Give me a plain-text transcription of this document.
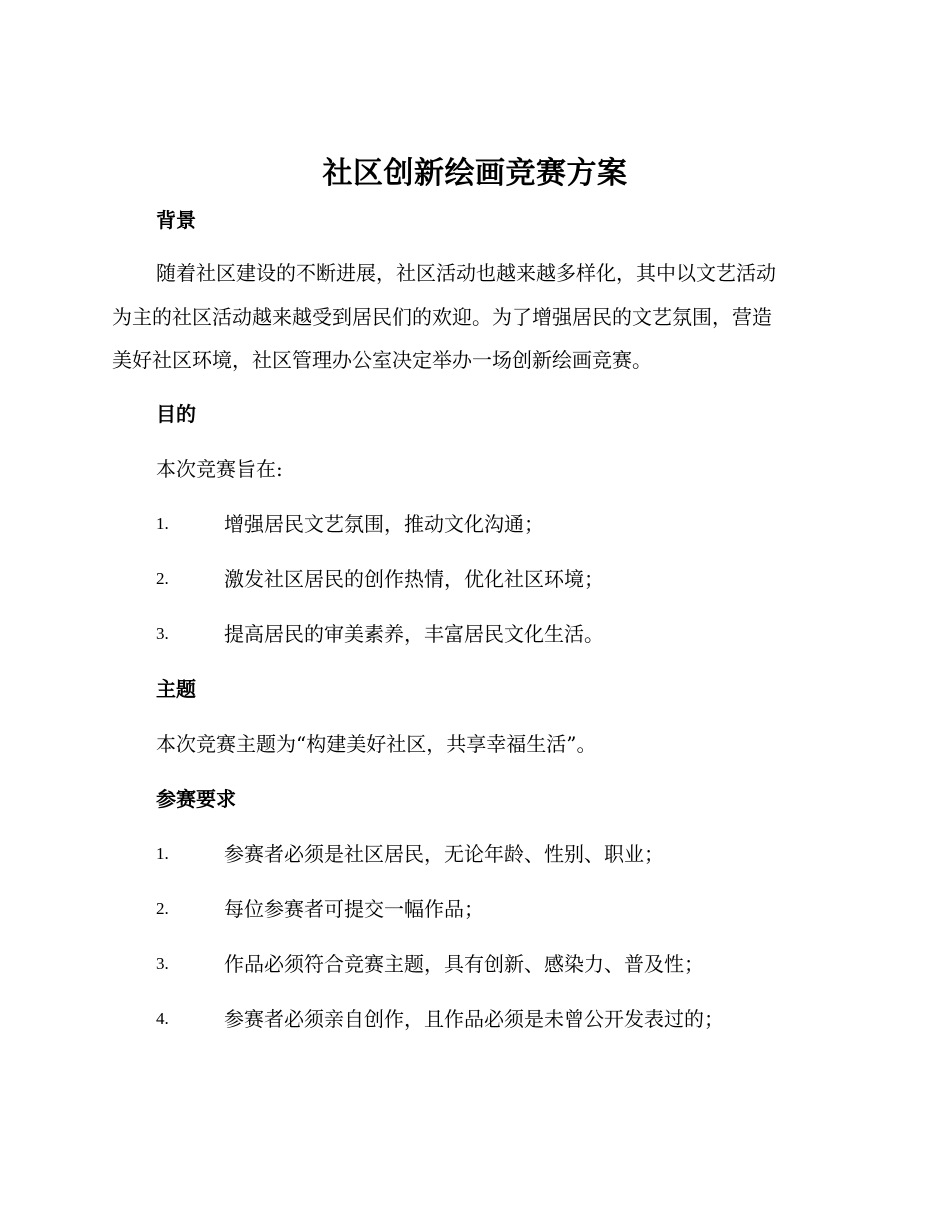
社区创新绘画竞赛方案
背景
随着社区建设的不断进展，社区活动也越来越多样化，其中以文艺活动
为主的社区活动越来越受到居民们的欢迎。为了增强居民的文艺氛围，营造
美好社区环境，社区管理办公室决定举办一场创新绘画竞赛。
目的
本次竞赛旨在:
1.	增强居民文艺氛围，推动文化沟通；
2.	激发社区居民的创作热情，优化社区环境；
3.	提高居民的审美素养，丰富居民文化生活。
主题
本次竞赛主题为“构建美好社区，共享幸福生活”。
参赛要求
1.	参赛者必须是社区居民，无论年龄、性别、职业；
2.	每位参赛者可提交一幅作品；
3.	作品必须符合竞赛主题，具有创新、感染力、普及性；
4.	参赛者必须亲自创作，且作品必须是未曾公开发表过的；
